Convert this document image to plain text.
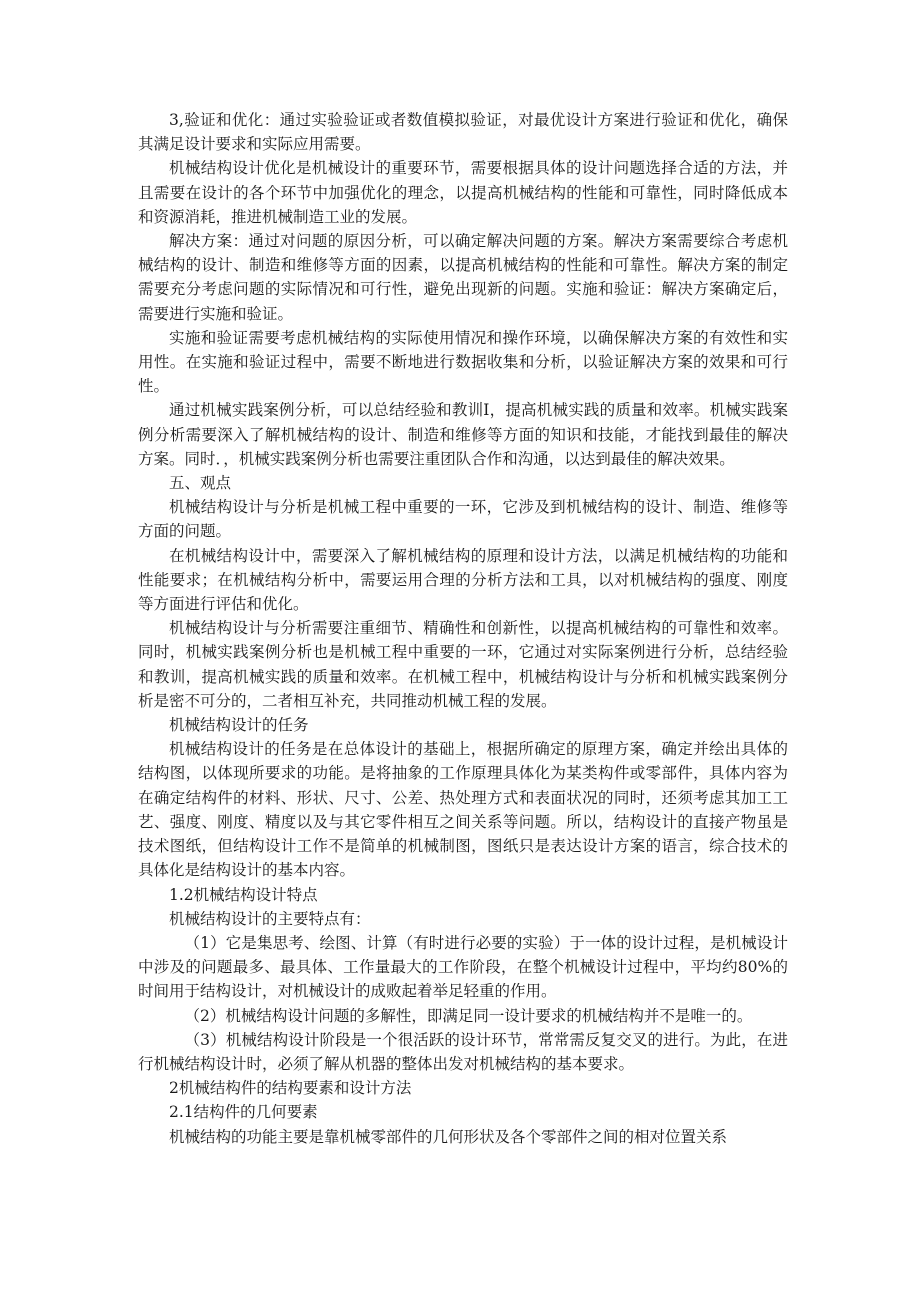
3,验证和优化：通过实验验证或者数值模拟验证，对最优设计方案进行验证和优化，确保其满足设计要求和实际应用需要。

机械结构设计优化是机械设计的重要环节，需要根据具体的设计问题选择合适的方法，并且需要在设计的各个环节中加强优化的理念，以提高机械结构的性能和可靠性，同时降低成本和资源消耗，推进机械制造工业的发展。

解决方案：通过对问题的原因分析，可以确定解决问题的方案。解决方案需要综合考虑机械结构的设计、制造和维修等方面的因素，以提高机械结构的性能和可靠性。解决方案的制定需要充分考虑问题的实际情况和可行性，避免出现新的问题。实施和验证：解决方案确定后，需要进行实施和验证。

实施和验证需要考虑机械结构的实际使用情况和操作环境，以确保解决方案的有效性和实用性。在实施和验证过程中，需要不断地进行数据收集和分析，以验证解决方案的效果和可行性。

通过机械实践案例分析，可以总结经验和教训I，提高机械实践的质量和效率。机械实践案例分析需要深入了解机械结构的设计、制造和维修等方面的知识和技能，才能找到最佳的解决方案。同时．，机械实践案例分析也需要注重团队合作和沟通，以达到最佳的解决效果。

五、观点

机械结构设计与分析是机械工程中重要的一环，它涉及到机械结构的设计、制造、维修等方面的问题。

在机械结构设计中，需要深入了解机械结构的原理和设计方法，以满足机械结构的功能和性能要求；在机械结构分析中，需要运用合理的分析方法和工具，以对机械结构的强度、刚度等方面进行评估和优化。

机械结构设计与分析需要注重细节、精确性和创新性，以提高机械结构的可靠性和效率。同时，机械实践案例分析也是机械工程中重要的一环，它通过对实际案例进行分析，总结经验和教训，提高机械实践的质量和效率。在机械工程中，机械结构设计与分析和机械实践案例分析是密不可分的，二者相互补充，共同推动机械工程的发展。

机械结构设计的任务

机械结构设计的任务是在总体设计的基础上，根据所确定的原理方案，确定并绘出具体的结构图，以体现所要求的功能。是将抽象的工作原理具体化为某类构件或零部件，具体内容为在确定结构件的材料、形状、尺寸、公差、热处理方式和表面状况的同时，还须考虑其加工工艺、强度、刚度、精度以及与其它零件相互之间关系等问题。所以，结构设计的直接产物虽是技术图纸，但结构设计工作不是简单的机械制图，图纸只是表达设计方案的语言，综合技术的具体化是结构设计的基本内容。

1.2机械结构设计特点

机械结构设计的主要特点有：

（1）它是集思考、绘图、计算（有时进行必要的实验）于一体的设计过程，是机械设计中涉及的问题最多、最具体、工作量最大的工作阶段，在整个机械设计过程中，平均约80%的时间用于结构设计，对机械设计的成败起着举足轻重的作用。

（2）机械结构设计问题的多解性，即满足同一设计要求的机械结构并不是唯一的。

（3）机械结构设计阶段是一个很活跃的设计环节，常常需反复交叉的进行。为此，在进行机械结构设计时，必须了解从机器的整体出发对机械结构的基本要求。

2机械结构件的结构要素和设计方法

2.1结构件的几何要素

机械结构的功能主要是靠机械零部件的几何形状及各个零部件之间的相对位置关系
